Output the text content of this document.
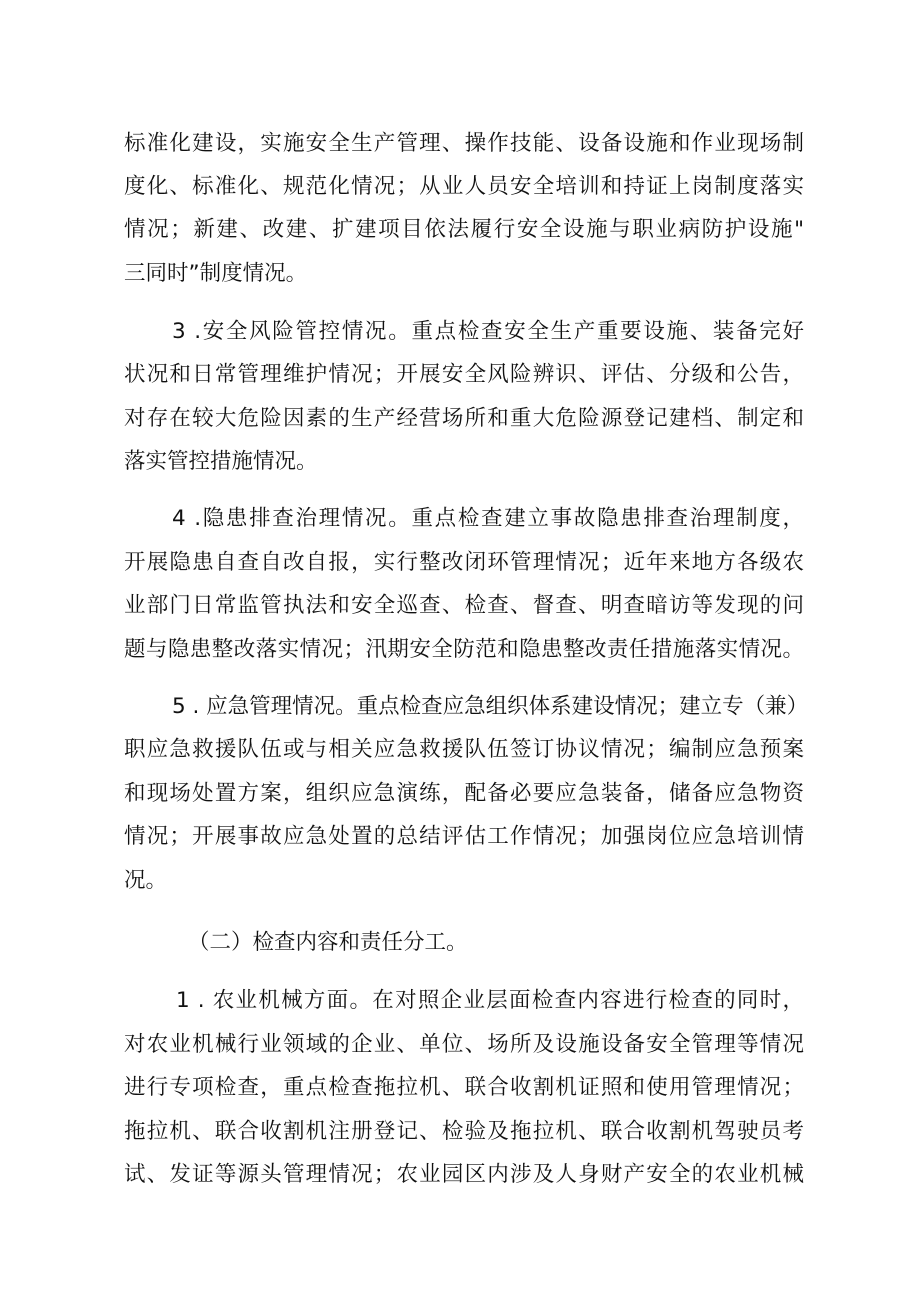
标准化建设，实施安全生产管理、操作技能、设备设施和作业现场制
度化、标准化、规范化情况；从业人员安全培训和持证上岗制度落实
情况；新建、改建、扩建项目依法履行安全设施与职业病防护设施"
三同时”制度情况。
3 .安全风险管控情况。重点检查安全生产重要设施、装备完好
状况和日常管理维护情况；开展安全风险辨识、评估、分级和公告，
对存在较大危险因素的生产经营场所和重大危险源登记建档、制定和
落实管控措施情况。
4 .隐患排查治理情况。重点检查建立事故隐患排查治理制度，
开展隐患自查自改自报，实行整改闭环管理情况；近年来地方各级农
业部门日常监管执法和安全巡查、检查、督查、明查暗访等发现的问
题与隐患整改落实情况；汛期安全防范和隐患整改责任措施落实情况。
5 . 应急管理情况。重点检查应急组织体系建设情况；建立专（兼）
职应急救援队伍或与相关应急救援队伍签订协议情况；编制应急预案
和现场处置方案，组织应急演练，配备必要应急装备，储备应急物资
情况；开展事故应急处置的总结评估工作情况；加强岗位应急培训情
况。
（二）检查内容和责任分工。
1 . 农业机械方面。在对照企业层面检查内容进行检查的同时，
对农业机械行业领域的企业、单位、场所及设施设备安全管理等情况
进行专项检查，重点检查拖拉机、联合收割机证照和使用管理情况；
拖拉机、联合收割机注册登记、检验及拖拉机、联合收割机驾驶员考
试、发证等源头管理情况；农业园区内涉及人身财产安全的农业机械
